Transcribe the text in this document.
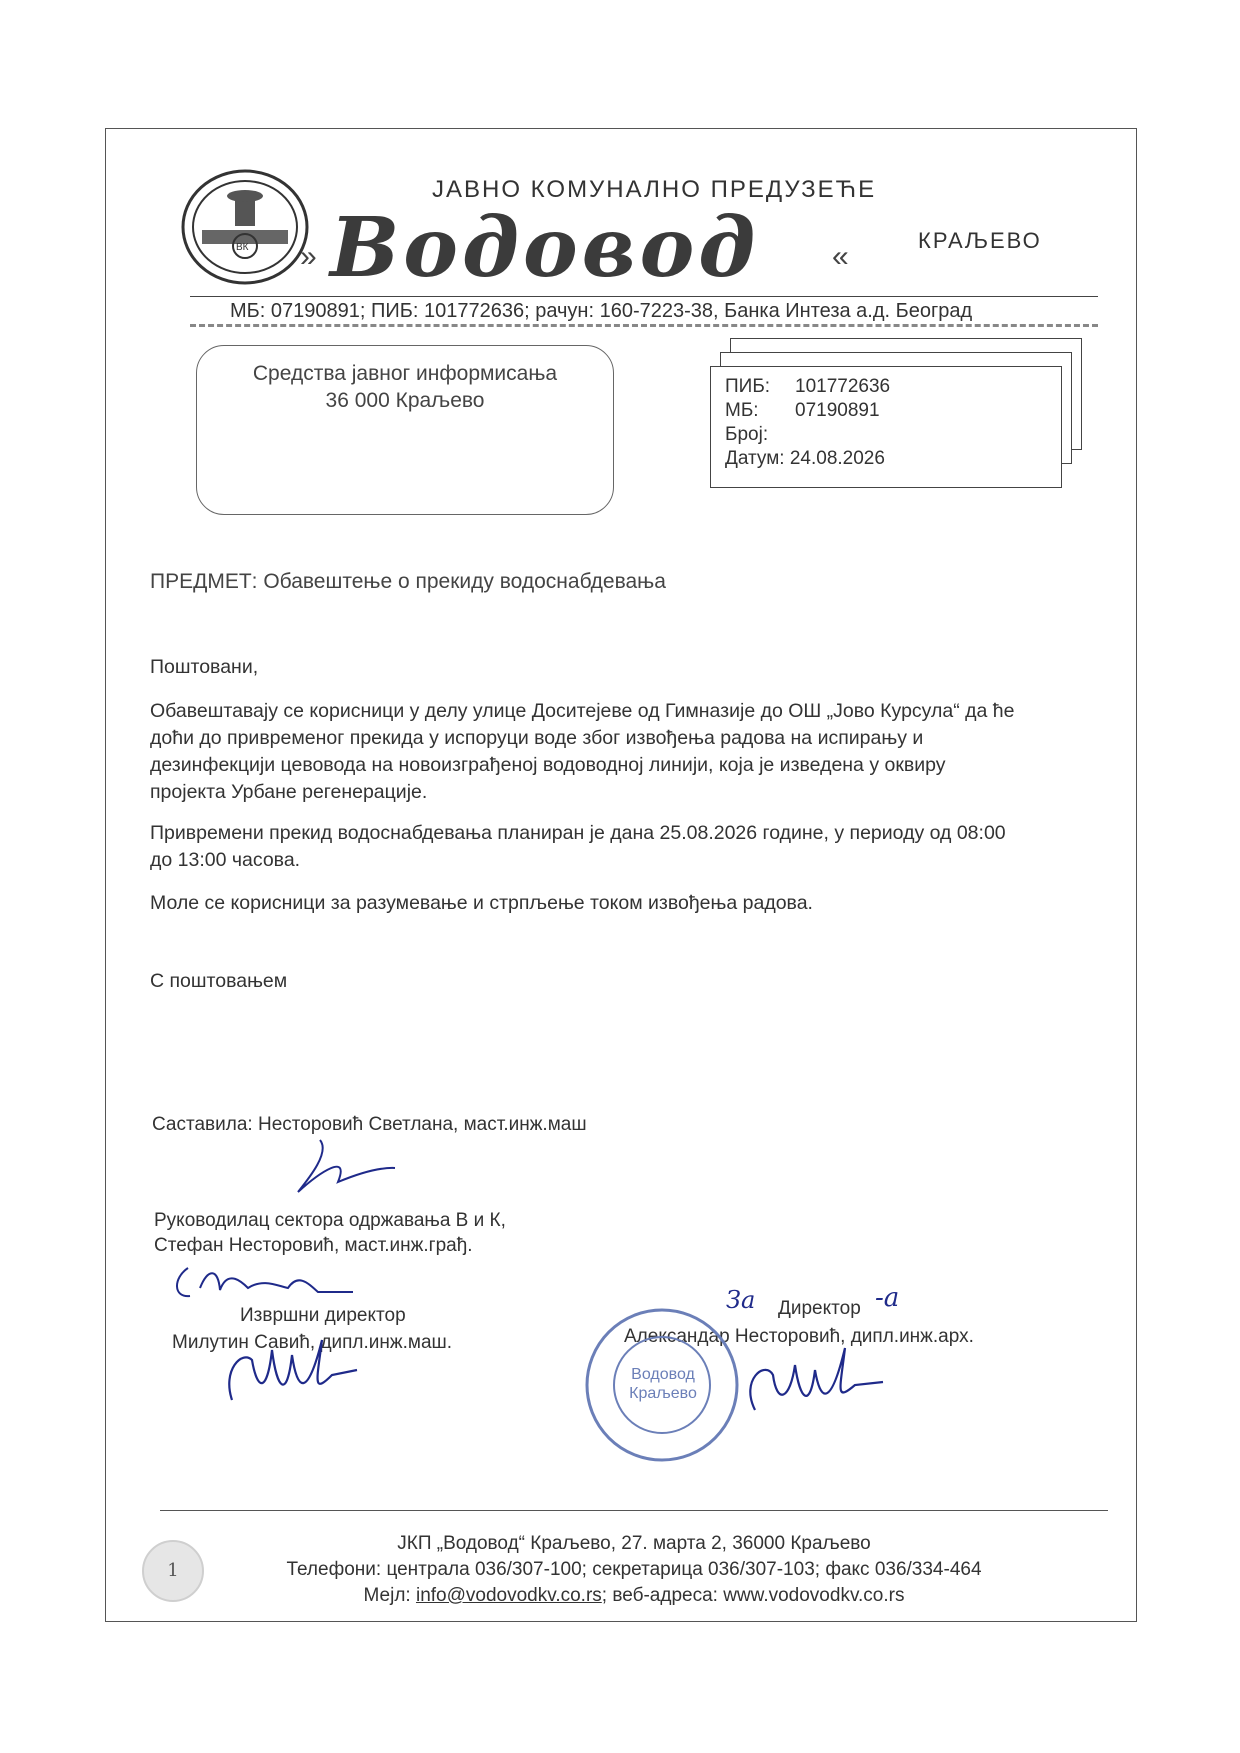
ВК
ЈАВНО КОМУНАЛНО ПРЕДУЗЕЋЕ
» Водовод «	КРАЉЕВО
МБ: 07190891; ПИБ: 101772636; рачун: 160-7223-38, Банка Интеза а.д. Београд
Средства јавног информисања
36 000 Краљево
ПИБ: 101772636
МБ: 07190891
Број:
Датум: 24.08.2026
ПРЕДМЕТ: Обавештење о прекиду водоснабдевања
Поштовани,
Обавештавају се корисници у делу улице Доситејеве од Гимназије до ОШ „Јово Курсула“ да ће
доћи до привременог прекида у испоруци воде због извођења радова на испирању и
дезинфекцији цевовода на новоизграђеној водоводној линији, која је изведена у оквиру
пројекта Урбане регенерације.
Привремени прекид водоснабдевања планиран је дана 25.08.2026 године, у периоду од 08:00
до 13:00 часова.
Моле се корисници за разумевање и стрпљење током извођења радова.
С поштовањем
Саставила: Несторовић Светлана, маст.инж.маш
Руководилац сектора одржавања В и К,
Стефан Несторовић, маст.инж.грађ.
Извршни директор
Милутин Савић, дипл.инж.маш.
За Директор -а
Александар Несторовић, дипл.инж.арх.
Водовод Краљево
1
ЈКП „Водовод“ Краљево, 27. марта 2, 36000 Краљево
Телефони: централа 036/307-100; секретарица 036/307-103; факс 036/334-464
Мејл: info@vodovodkv.co.rs; веб-адреса: www.vodovodkv.co.rs
